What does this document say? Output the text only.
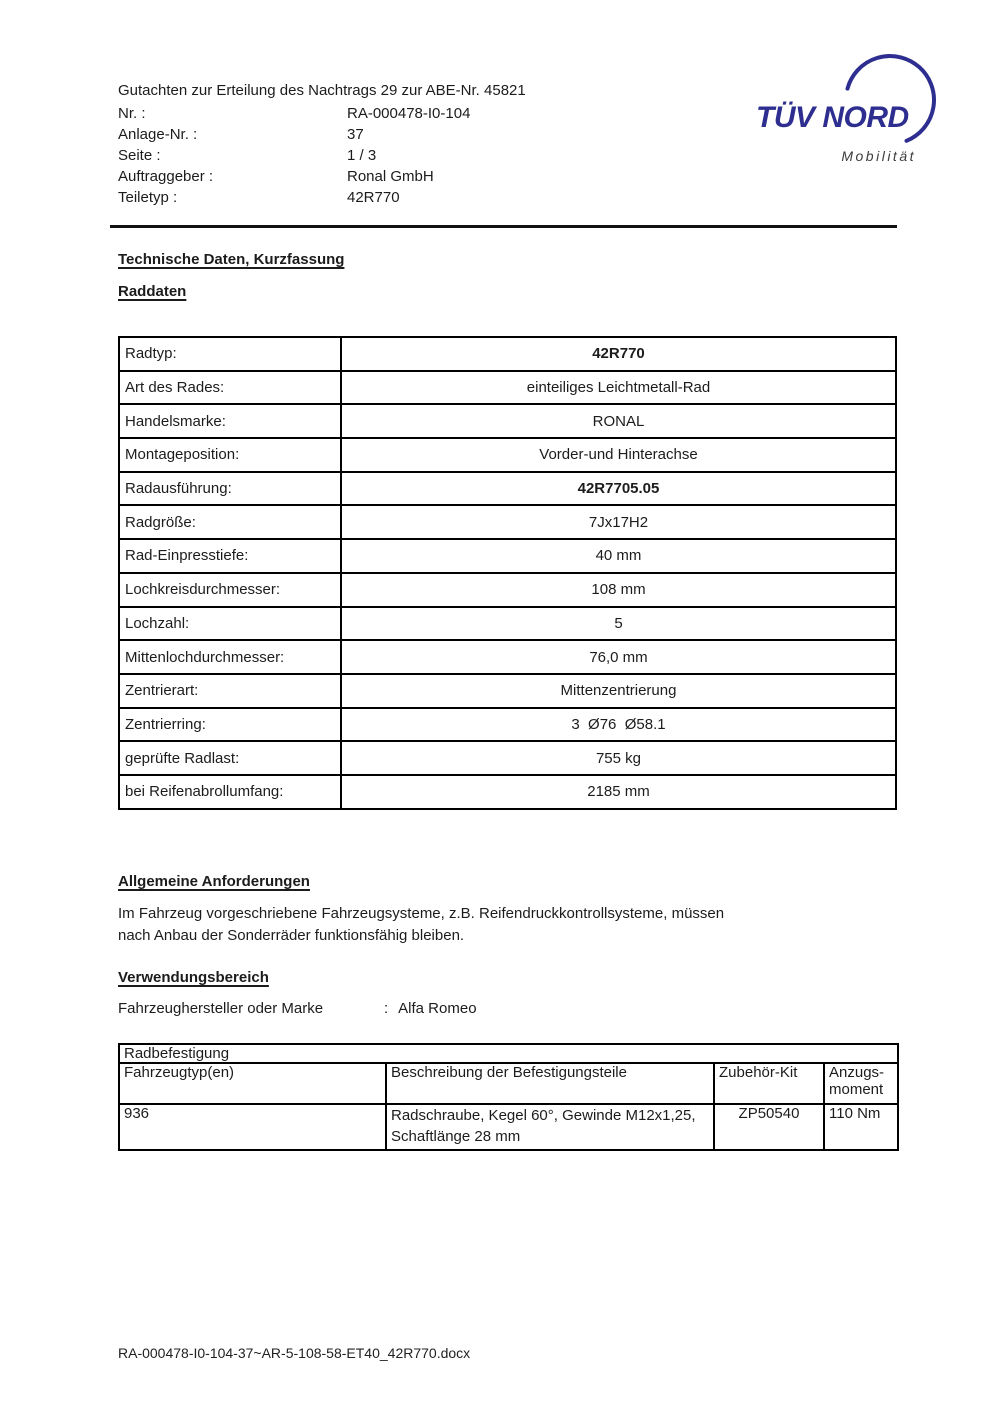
Gutachten zur Erteilung des Nachtrags 29 zur ABE-Nr. 45821
Nr. :	RA-000478-I0-104
Anlage-Nr. :	37
Seite :	1 / 3
Auftraggeber :	Ronal GmbH
Teiletyp :	42R770
TÜV NORD
Mobilität
Technische Daten, Kurzfassung
Raddaten
Radtyp:	42R770
Art des Rades:	einteiliges Leichtmetall-Rad
Handelsmarke:	RONAL
Montageposition:	Vorder-und Hinterachse
Radausführung:	42R7705.05
Radgröße:	7Jx17H2
Rad-Einpresstiefe:	40 mm
Lochkreisdurchmesser:	108 mm
Lochzahl:	5
Mittenlochdurchmesser:	76,0 mm
Zentrierart:	Mittenzentrierung
Zentrierring:	3  Ø76  Ø58.1
geprüfte Radlast:	755 kg
bei Reifenabrollumfang:	2185 mm
Allgemeine Anforderungen
Im Fahrzeug vorgeschriebene Fahrzeugsysteme, z.B. Reifendruckkontrollsysteme, müssen
nach Anbau der Sonderräder funktionsfähig bleiben.
Verwendungsbereich
Fahrzeughersteller oder Marke	: Alfa Romeo
Radbefestigung			
Fahrzeugtyp(en)	Beschreibung der Befestigungsteile	Zubehör-Kit	Anzugs-moment
936	Radschraube, Kegel 60°, Gewinde M12x1,25, Schaftlänge 28 mm	ZP50540	110 Nm
RA-000478-I0-104-37~AR-5-108-58-ET40_42R770.docx
